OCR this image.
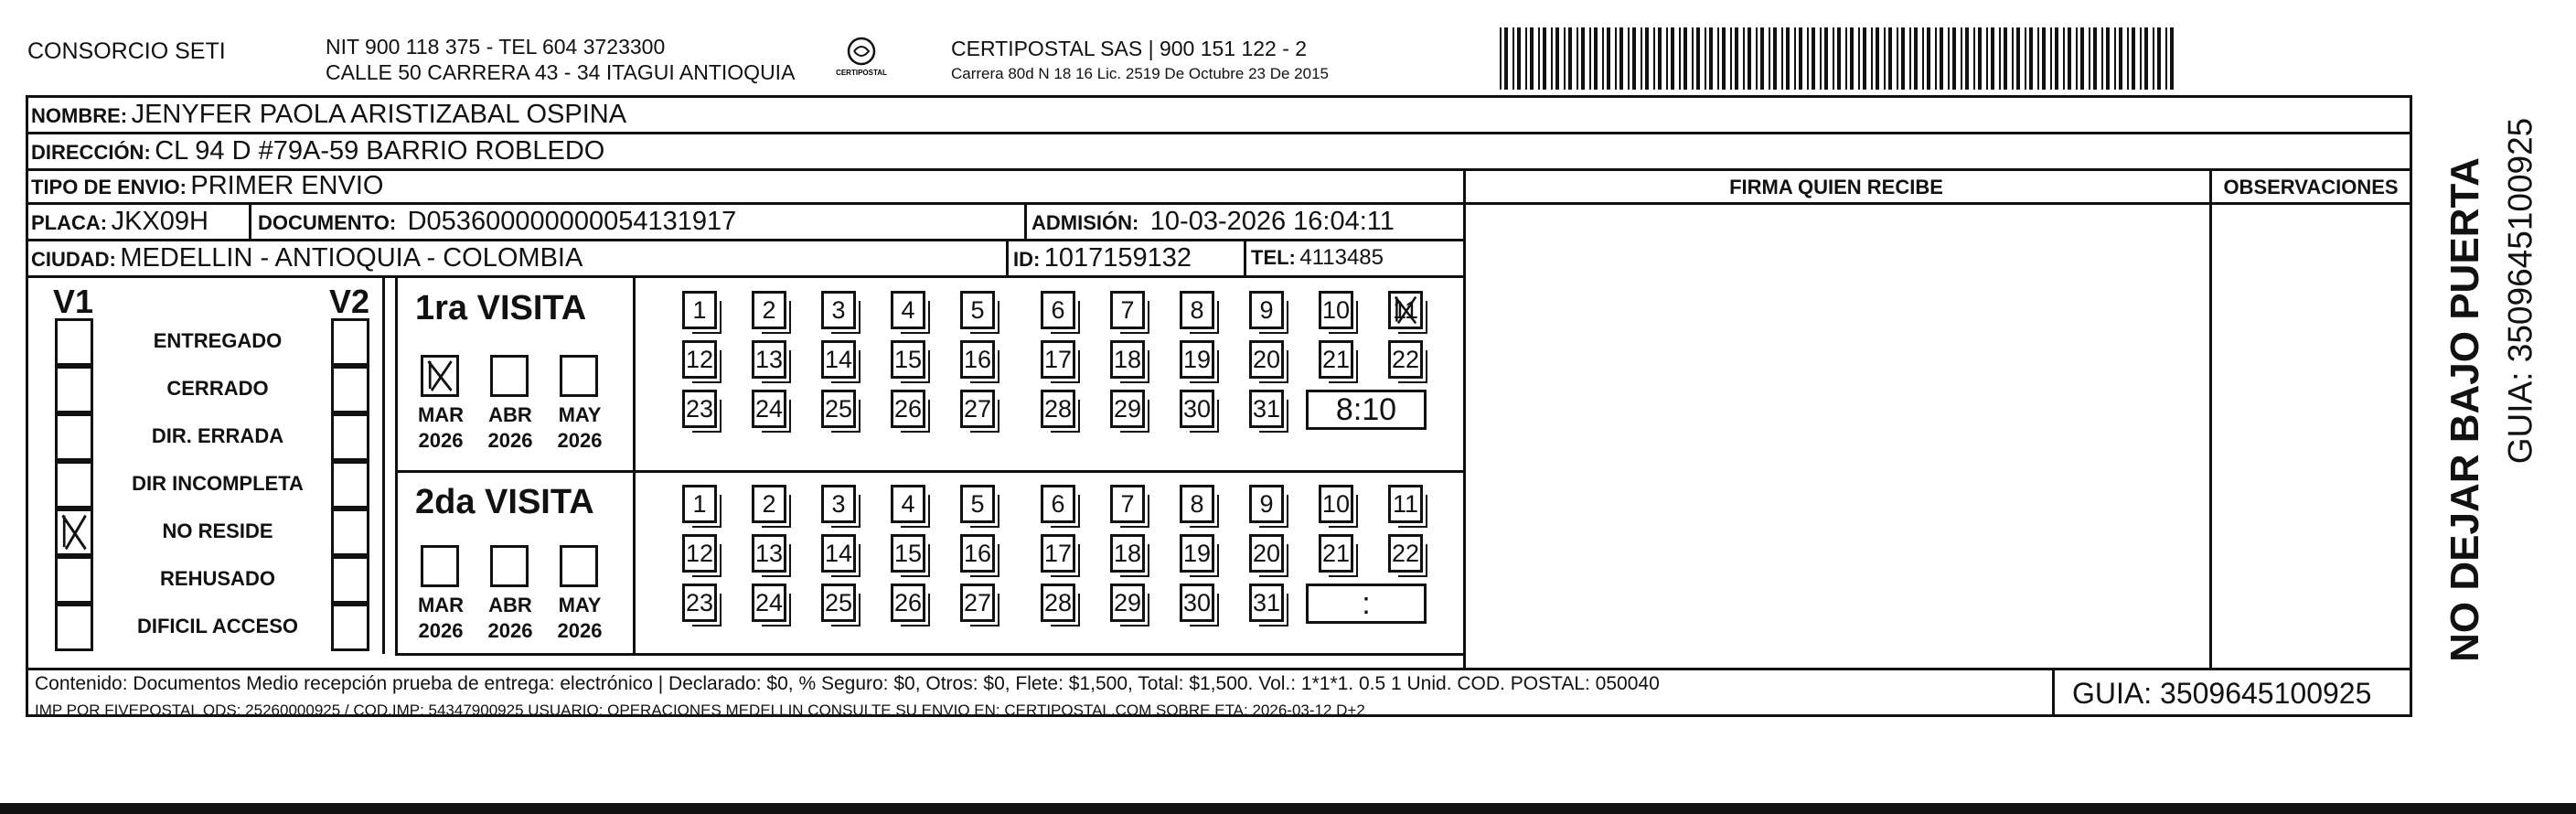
CONSORCIO SETI	NIT 900 118 375 - TEL 604 3723300
CALLE 50 CARRERA 43 - 34 ITAGUI ANTIOQUIA	CERTIPOSTAL
CERTIPOSTAL SAS | 900 151 122 - 2
Carrera 80d N 18 16 Lic. 2519 De Octubre 23 De 2015
FIRMA QUIEN RECIBE	OBSERVACIONES
NOMBRE: JENYFER PAOLA ARISTIZABAL OSPINA
DIRECCIÓN: CL 94 D #79A-59 BARRIO ROBLEDO
TIPO DE ENVIO: PRIMER ENVIO
PLACA: JKX09H DOCUMENTO: D053600000000054131917	ADMISIÓN: 10-03-2026 16:04:11
CIUDAD: MEDELLIN - ANTIOQUIA - COLOMBIA	ID: 1017159132	TEL: 4113485
V1	V2
ENTREGADO
CERRADO
DIR. ERRADA
DIR INCOMPLETA
NO RESIDE
REHUSADO
DIFICIL ACCESO
1ra VISITA
2da VISITA
1	2	3	4	5	6	7	8	9	10 11
12 13 14 15 16 17 18 19 20 21 22
23 24 25 26 27 28 29 30 31	8:10
1	2	3	4	5	6	7	8	9	10 11
12 13 14 15 16 17 18 19 20 21 22
23 24 25 26 27 28 29 30 31	:
MAR
2026
ABR
2026
MAY
2026
MAR
2026
ABR
2026
MAY
2026
Contenido: Documentos Medio recepción prueba de entrega: electrónico | Declarado: $0, % Seguro: $0, Otros: $0, Flete: $1,500, Total: $1,500. Vol.: 1*1*1. 0.5 1 Unid. COD. POSTAL: 050040
IMP POR FIVEPOSTAL ODS: 25260000925 / COD.IMP: 54347900925 USUARIO: OPERACIONES MEDELLIN CONSULTE SU ENVIO EN: CERTIPOSTAL.COM SOBRE ETA: 2026-03-12 D+2
GUIA: 3509645100925
NO DEJAR BAJO PUERTA GUIA: 3509645100925
